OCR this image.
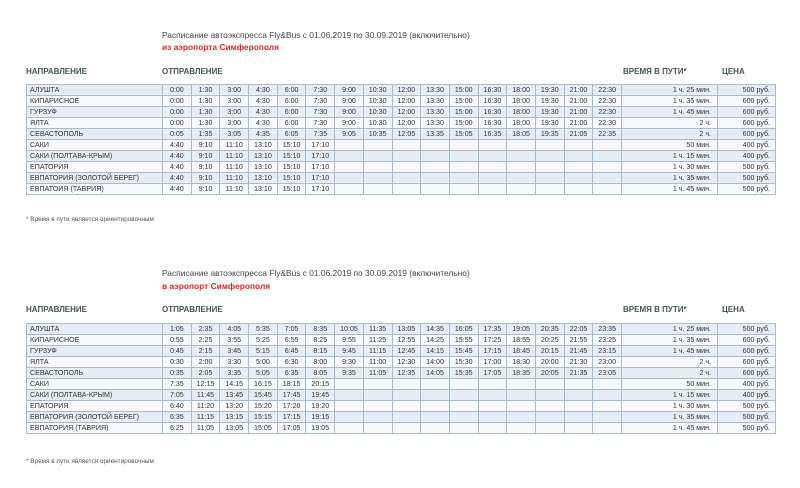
Расписание автоэкспресса Fly&Bus с 01.06.2019 по 30.09.2019 (включительно)
из аэропорта Симферополя
НАПРАВЛЕНИЕ	ОТПРАВЛЕНИЕ	ВРЕМЯ В ПУТИ*	ЦЕНА
АЛУШТА	0:00	1:30	3:00	4:30	6:00	7:30	9:00	10:30	12:00	13:30	15:00	16:30	18:00	19:30	21:00	22:30	1 ч. 25 мин.	500 руб.
КИПАРИСНОЕ	0:00	1:30	3:00	4:30	6:00	7:30	9:00	10:30	12:00	13:30	15:00	16:30	18:00	19:30	21:00	22:30	1 ч. 35 мин.	600 руб.
ГУРЗУФ	0:00	1:30	3:00	4:30	6:00	7:30	9:00	10:30	12:00	13:30	15:00	16:30	18:00	19:30	21:00	22:30	1 ч. 45 мин.	600 руб.
ЯЛТА	0:00	1:30	3:00	4:30	6:00	7:30	9:00	10:30	12:00	13:30	15:00	16:30	18:00	19:30	21:00	22:30	2 ч.	600 руб.
СЕВАСТОПОЛЬ	0:05	1:35	3:05	4:35	6:05	7:35	9:05	10:35	12:05	13:35	15:05	16:35	18:05	19:35	21:05	22:35	2 ч.	600 руб.
САКИ	4:40	9:10	11:10	13:10	15:10	17:10											50 мин.	400 руб.
САКИ (ПОЛТАВА-КРЫМ)	4:40	9:10	11:10	13:10	15:10	17:10											1 ч. 15 мин.	400 руб.
ЕПАТОРИЯ	4:40	9:10	11:10	13:10	15:10	17:10											1 ч. 30 мин.	500 руб.
ЕВПАТОРИЯ (ЗОЛОТОЙ БЕРЕГ)	4:40	9:10	11:10	13:10	15:10	17:10											1 ч. 35 мин.	500 руб.
ЕВПАТОИЯ (ТАВРИЯ)	4:40	9:10	11:10	13:10	15:10	17:10											1 ч. 45 мин.	500 руб.
* Время в пути является ориентировочным
Расписание автоэкспресса Fly&Bus с 01.06.2019 по 30.09.2019 (включительно)
в аэропорт Симферополя
НАПРАВЛЕНИЕ	ОТПРАВЛЕНИЕ	ВРЕМЯ В ПУТИ*	ЦЕНА
АЛУШТА	1:05	2:35	4:05	5:35	7:05	8:35	10:05	11:35	13:05	14:35	16:05	17:35	19:05	20:35	22:05	23:35	1 ч. 25 мин.	500 руб.
КИПАРИСНОЕ	0:55	2:25	3:55	5:25	6:55	8:25	9:55	11:25	12:55	14:25	15:55	17:25	18:55	20:25	21:55	23:25	1 ч. 35 мин.	600 руб.
ГУРЗУФ	0:45	2:15	3:45	5:15	6:45	8:15	9:45	11:15	12:45	14:15	15:45	17:15	18:45	20:15	21:45	23:15	1 ч. 45 мин.	600 руб.
ЯЛТА	0:30	2:00	3:30	5:00	6:30	8:00	9:30	11:00	12:30	14:00	15:30	17:00	18:30	20:00	21:30	23:00	2 ч.	600 руб.
СЕВАСТОПОЛЬ	0:35	2:05	3:35	5:05	6:35	8:05	9:35	11:05	12:35	14:05	15:35	17:05	18:35	20:05	21:35	23:05	2 ч.	600 руб.
САКИ	7:35	12:15	14:15	16:15	18:15	20:15											50 мин.	400 руб.
САКИ (ПОЛТАВА-КРЫМ)	7:05	11:45	13:45	15:45	17:45	19:45											1 ч. 15 мин.	400 руб.
ЕПАТОРИЯ	6:40	11:20	13:20	15:20	17:20	19:20											1 ч. 30 мин.	500 руб.
ЕВПАТОРИЯ (ЗОЛОТОЙ БЕРЕГ)	6:35	11:15	13:15	15:15	17:15	19:15											1 ч. 35 мин.	500 руб.
ЕВПАТОРИЯ (ТАВРИЯ)	6:25	11:05	13:05	15:05	17:05	19:05											1 ч. 45 мин.	500 руб.
* Время в пути является ориентировочным
